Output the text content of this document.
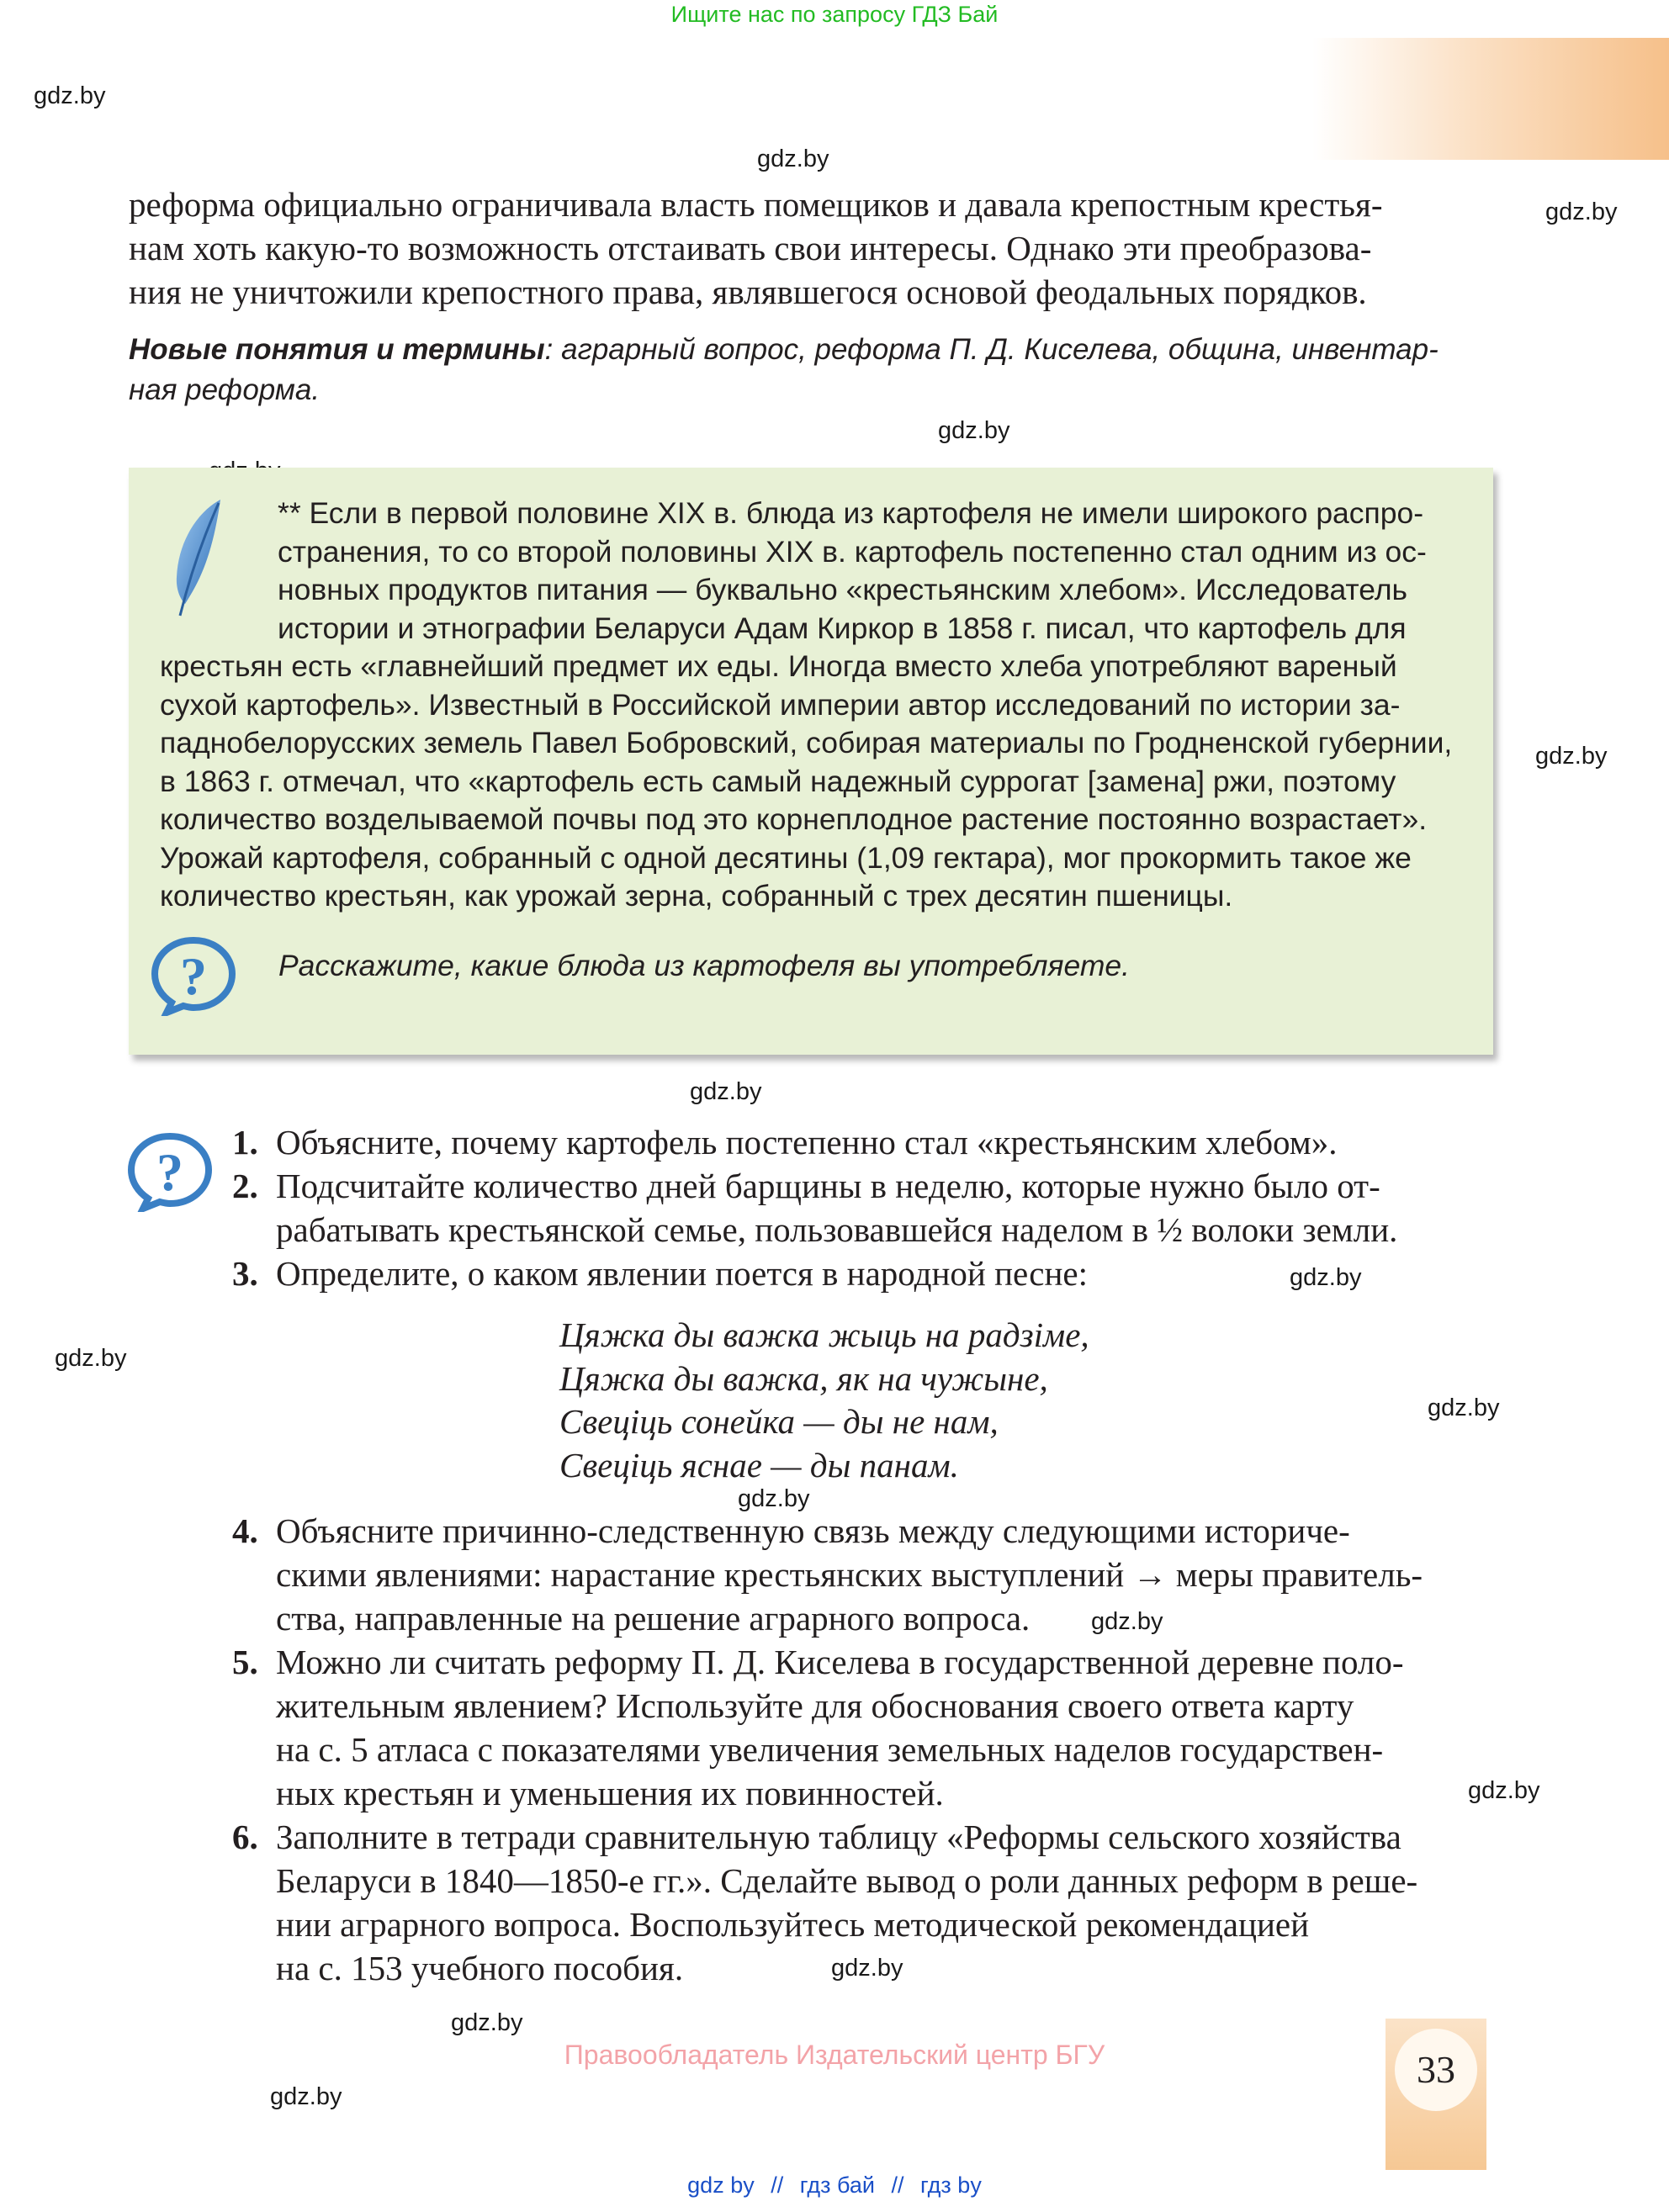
Ищите нас по запросу ГДЗ Бай
gdz.by
gdz.by
gdz.by
gdz.by
gdz.by
gdz.by
gdz.by
gdz.by
gdz.by
gdz.by
gdz.by
gdz.by
gdz.by
gdz.by
gdz.by
реформа официально ограничивала власть помещиков и давала крепостным крестья-
нам хоть какую-то возможность отстаивать свои интересы. Однако эти преобразова-
ния не уничтожили крепостного права, являвшегося основой феодальных порядков.
Новые понятия и термины: аграрный вопрос, реформа П. Д. Киселева, община, инвентар-
ная реформа.
** Если в первой половине XIX в. блюда из картофеля не имели широкого распро-
странения, то со второй половины XIX в. картофель постепенно стал одним из ос-
новных продуктов питания — буквально «крестьянским хлебом». Исследователь
истории и этнографии Беларуси Адам Киркор в 1858 г. писал, что картофель для
крестьян есть «главнейший предмет их еды. Иногда вместо хлеба употребляют вареный
сухой картофель». Известный в Российской империи автор исследований по истории за-
паднобелорусских земель Павел Бобровский, собирая материалы по Гродненской губернии,
в 1863 г. отмечал, что «картофель есть самый надежный суррогат [замена] ржи, поэтому
количество возделываемой почвы под это корнеплодное растение постоянно возрастает».
Урожай картофеля, собранный с одной десятины (1,09 гектара), мог прокормить такое же
количество крестьян, как урожай зерна, собранный с трех десятин пшеницы.
? Расскажите, какие блюда из картофеля вы употребляете.
? 1. Объясните, почему картофель постепенно стал «крестьянским хлебом».
2. Подсчитайте количество дней барщины в неделю, которые нужно было от-
рабатывать крестьянской семье, пользовавшейся наделом в ½ волоки земли.
3. Определите, о каком явлении поется в народной песне:
Цяжка ды важка жыць на радзіме,
Цяжка ды важка, як на чужыне,
Свеціць сонейка — ды не нам,
Свеціць яснае — ды панам.
4. Объясните причинно-следственную связь между следующими историче-
скими явлениями: нарастание крестьянских выступлений → меры правитель-
ства, направленные на решение аграрного вопроса.
5. Можно ли считать реформу П. Д. Киселева в государственной деревне поло-
жительным явлением? Используйте для обоснования своего ответа карту
на с. 5 атласа с показателями увеличения земельных наделов государствен-
ных крестьян и уменьшения их повинностей.
6. Заполните в тетради сравнительную таблицу «Реформы сельского хозяйства
Беларуси в 1840—1850-е гг.». Сделайте вывод о роли данных реформ в реше-
нии аграрного вопроса. Воспользуйтесь методической рекомендацией
на с. 153 учебного пособия.
Правообладатель Издательский центр БГУ	33
gdz by // гдз бай // гдз by
